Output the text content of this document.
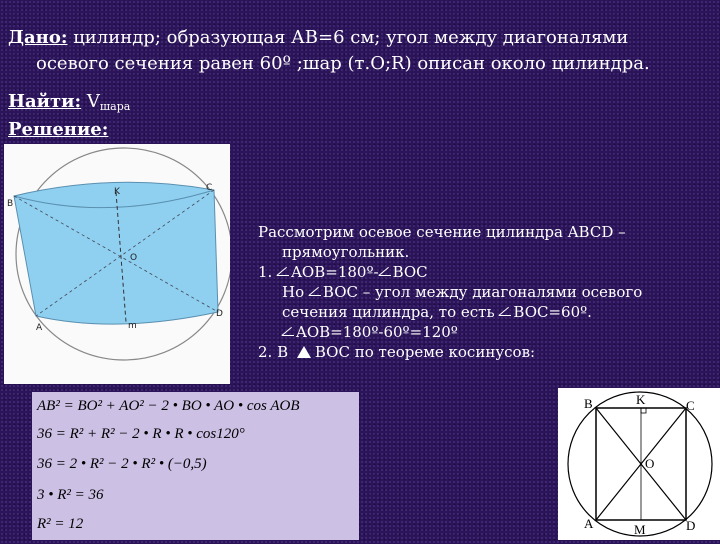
Дано: цилиндр; образующая АВ=6 см; угол между диагоналями
осевого сечения равен 60º ;шар (т.О;R) описан около цилиндра.
Найти: $V_{шара}$
Решение:
B
C
K
O
A
D
m
Рассмотрим осевое сечение цилиндра ABCD –
прямоугольник.
1. AOB=180º- BOC
Но BOC – угол между диагоналями осевого
сечения цилиндра, то есть BOC=60º.
AOB=180º-60º=120º
2. В BOC по теореме косинусов:
AB² = BO² + AO² − 2 • BO • AO • cos AOB
36 = R² + R² − 2 • R • R • cos120°
36 = 2 • R² − 2 • R² • (−0,5)
3 • R² = 36
R² = 12
B	K	C
O
A	M	D
